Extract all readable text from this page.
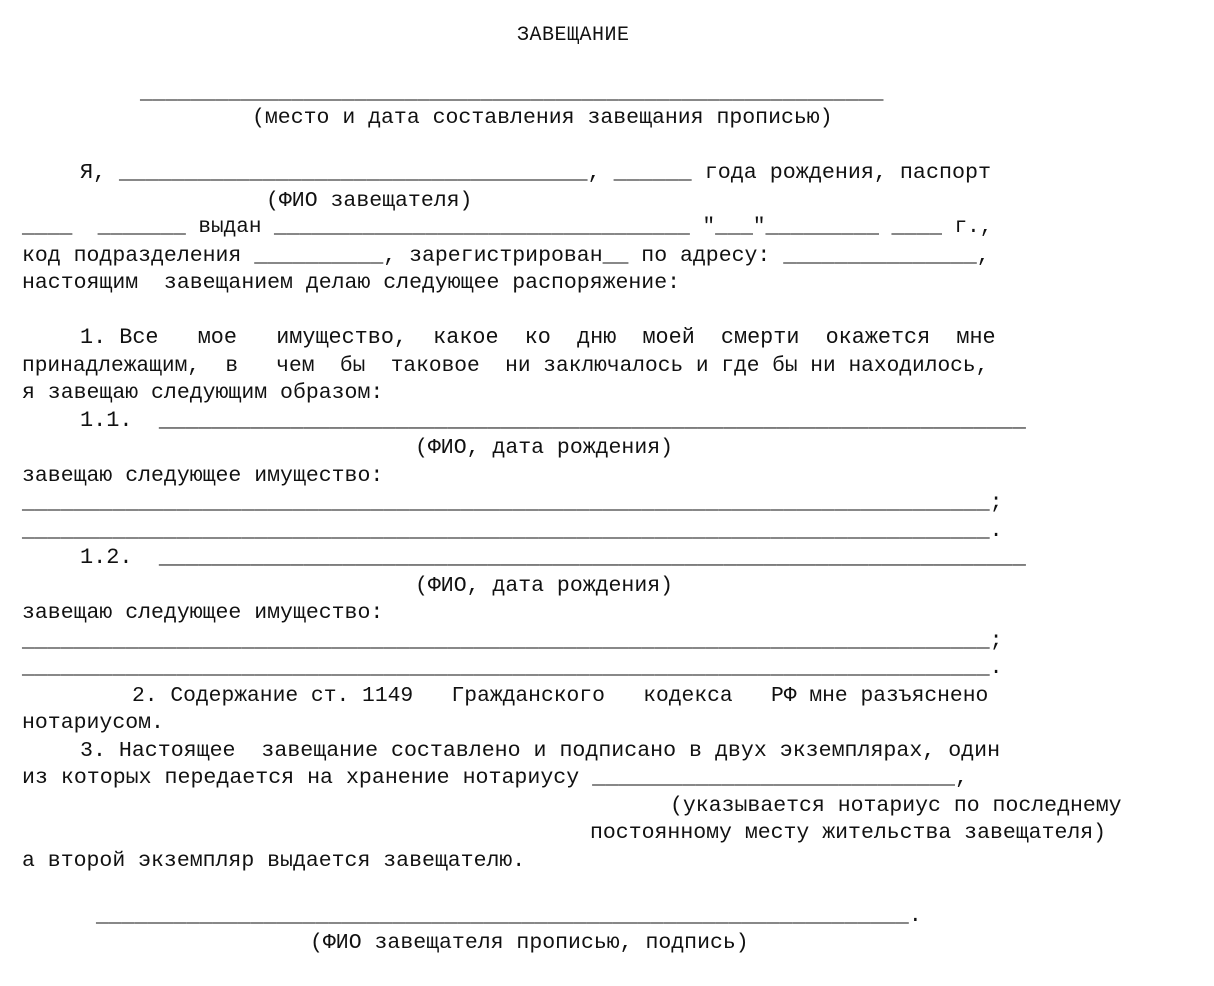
ЗАВЕЩАНИЕ
___________________________________________________________
(место и дата составления завещания прописью)
Я, ____________________________________, ______ года рождения, паспорт
(ФИО завещателя)
____  _______ выдан _________________________________ "___"_________ ____ г.,
код подразделения __________, зарегистрирован__ по адресу: _______________,
настоящим  завещанием делаю следующее распоряжение:
1. Все   мое   имущество,  какое  ко  дню  моей  смерти  окажется  мне
принадлежащим,  в   чем  бы  таковое  ни заключалось и где бы ни находилось,
я завещаю следующим образом:
1.1.  __________________________________________________________________
(ФИО, дата рождения)
завещаю следующее имущество:
___________________________________________________________________________;
___________________________________________________________________________.
1.2.  __________________________________________________________________
(ФИО, дата рождения)
завещаю следующее имущество:
___________________________________________________________________________;
___________________________________________________________________________.
2. Содержание ст. 1149   Гражданского   кодекса   РФ мне разъяснено
нотариусом.
3. Настоящее  завещание составлено и подписано в двух экземплярах, один
из которых передается на хранение нотариусу ____________________________,
(указывается нотариус по последнему
постоянному месту жительства завещателя)
а второй экземпляр выдается завещателю.
_______________________________________________________________.
(ФИО завещателя прописью, подпись)
